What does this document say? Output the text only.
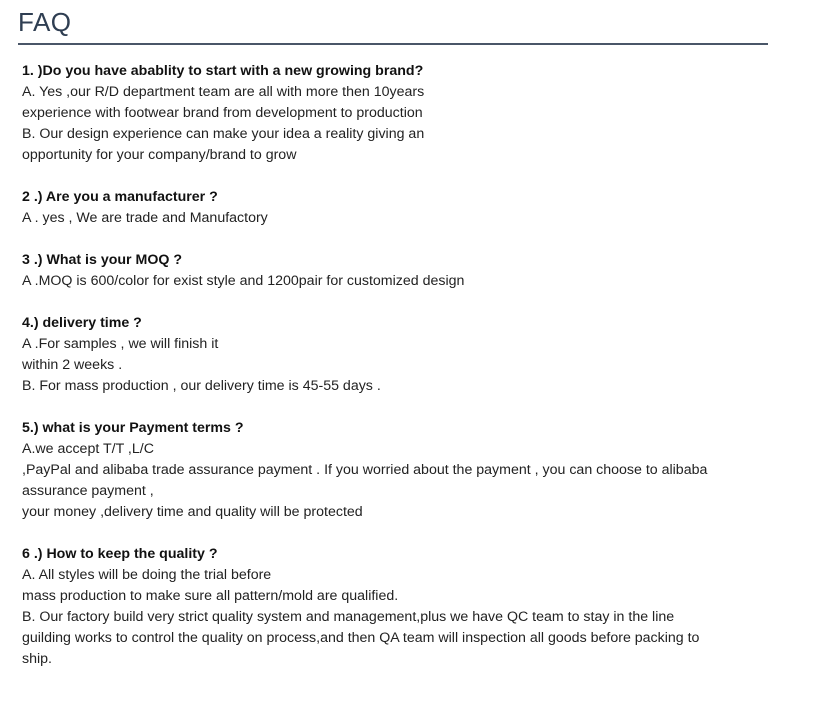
FAQ
1. )Do you have abablity to start with a new growing brand?
A. Yes ,our R/D department team are all with more then 10years
experience with footwear brand from development to production
B. Our design experience can make your idea a reality giving an
opportunity for your company/brand to grow
2 .) Are you a manufacturer ?
A . yes , We are trade and Manufactory
3 .) What is your MOQ ?
A .MOQ is 600/color for exist style and 1200pair for customized design
4.) delivery time ?
A .For samples , we will finish it
within 2 weeks .
B. For mass production , our delivery time is 45-55 days .
5.) what is your Payment terms ?
A.we accept T/T ,L/C
,PayPal and alibaba trade assurance payment . If you worried about the payment , you can choose to alibaba
assurance payment ,
your money ,delivery time and quality will be protected
6 .) How to keep the quality ?
A. All styles will be doing the trial before
mass production to make sure all pattern/mold are qualified.
B. Our factory build very strict quality system and management,plus we have QC team to stay in the line
guilding works to control the quality on process,and then QA team will inspection all goods before packing to
ship.
